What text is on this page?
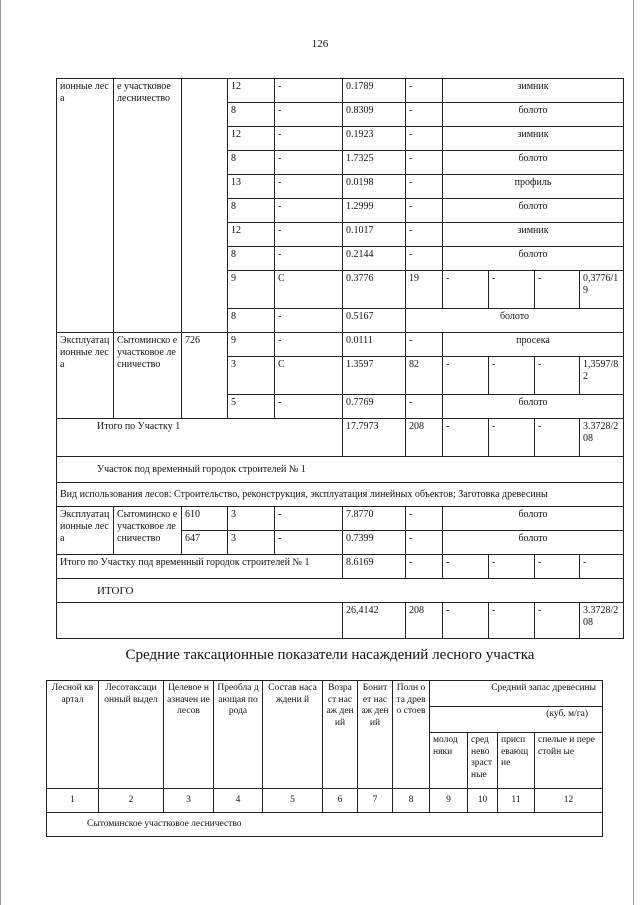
126
ионные леса	е участковое лесничество		12	-	0.1789	-	зимник			
			8	-	0.8309	-	болото			
			12	-	0.1923	-	зимник			
			8	-	1.7325	-	болото			
			13	-	0.0198	-	профиль			
			8	-	1.2999	-	болото			
			12	-	0.1017	-	зимник			
			8	-	0.2144	-	болото			
			9	С	0.3776	19	-	-	-	0,3776/19
			8	-	0.5167	болото				
Эксплуатац ионные леса	Сытоминско е участковое лесничество	726	9	-	0.0111	-	просека			
			3	С	1.3597	82	-	-	-	1,3597/82
			5	-	0.7769	-	болото			
Итого по Участку 1					17.7973	208	-	-	-	3.3728/208
Участок под временный городок строителей № 1										
Вид использования лесов: Строительство, реконструкция, эксплуатация линейных объектов; Заготовка древесины										
Эксплуатац ионные леса	Сытоминско е участковое лесничество	610	3	-	7.8770	-	болото			
		647	3	-	0.7399	-	болото			
Итого по Участку под временный городок строителей № 1					8.6169	-	-	-	-	-
ИТОГО										
					26,4142	208	-	-	-	3.3728/208
Средние таксационные показатели насаждений лесного участка
Лесной квартал	Лесотаксаци онный выдел	Целевое назначен ие лесов	Преобла дающая порода	Состав насаждени й	Возра ст насаж дений	Бонит ет насаж дений	Полн ота древо стоев	Средний запас древесины			
								(куб. м/га)			
								молод няки	сред нево зраст ные	присп евающ ие	спелые и перестойн ые
1	2	3	4	5	6	7	8	9	10	11	12
Сытоминское участковое лесничество											
